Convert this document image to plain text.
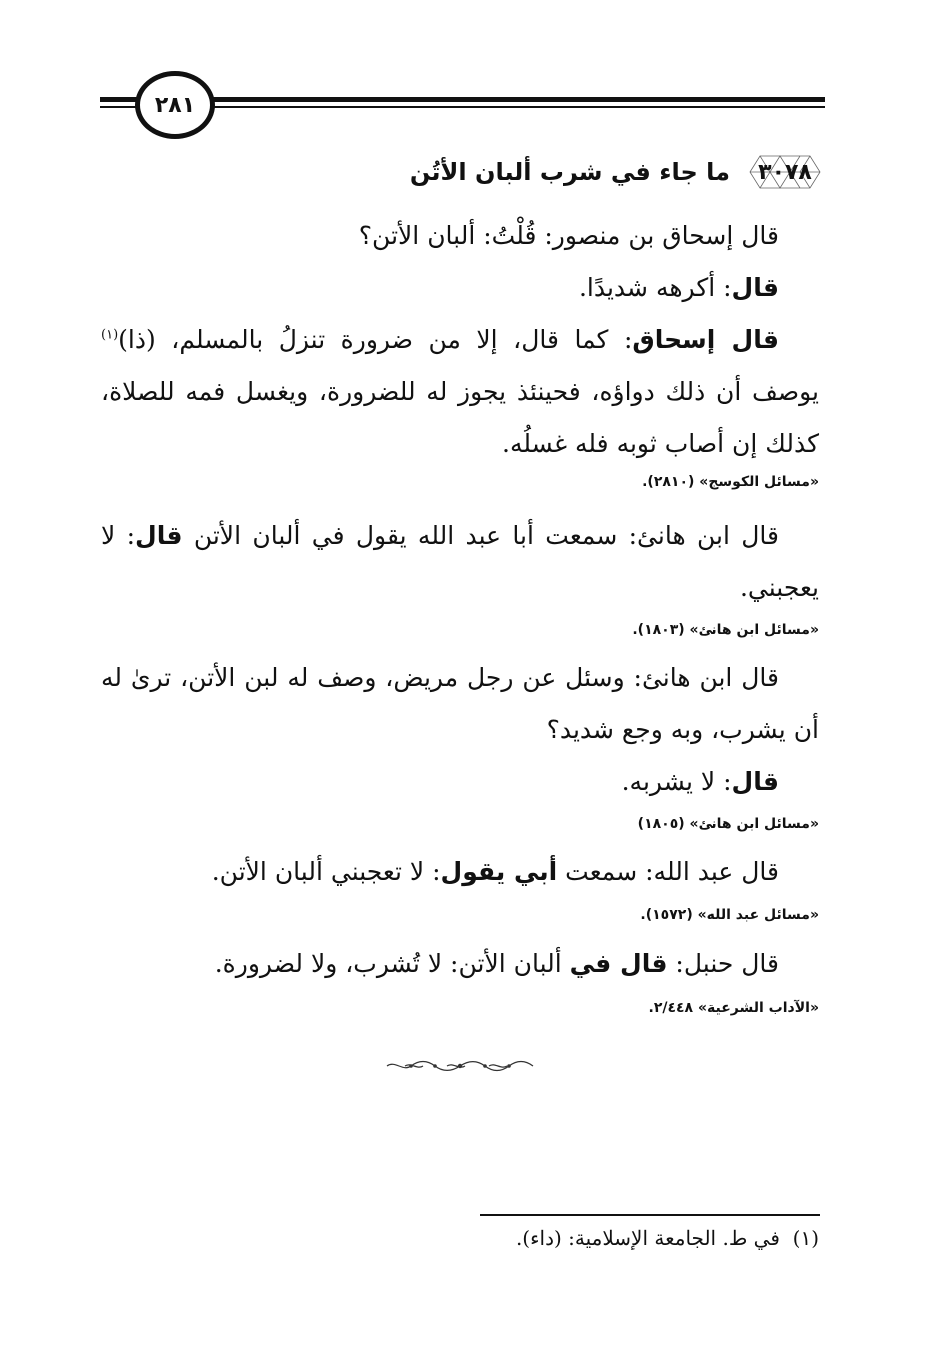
٢٨١
٣٠٧٨
ما جاء في شرب ألبان الأتُن
قال إسحاق بن منصور: قُلْتُ: ألبان الأتن؟
قال: أكرهه شديدًا.
قال إسحاق: كما قال، إلا من ضرورة تنزلُ بالمسلم، (ذا)$^{(١)}$ يوصف أن ذلك دواؤه، فحينئذ يجوز له للضرورة، ويغسل فمه للصلاة، كذلك إن أصاب ثوبه فله غسلُه.
«مسائل الكوسج» (٢٨١٠).
قال ابن هانئ: سمعت أبا عبد الله يقول في ألبان الأتن قال: لا يعجبني.
«مسائل ابن هانئ» (١٨٠٣).
قال ابن هانئ: وسئل عن رجل مريض، وصف له لبن الأتن، ترىٰ له أن يشرب، وبه وجع شديد؟
قال: لا يشربه.
«مسائل ابن هانئ» (١٨٠٥)
قال عبد الله: سمعت أبي يقول: لا تعجبني ألبان الأتن.
«مسائل عبد الله» (١٥٧٢).
قال حنبل: قال في ألبان الأتن: لا تُشرب، ولا لضرورة.
«الآداب الشرعية» ٢/٤٤٨.
(١)  في ط. الجامعة الإسلامية: (داء).
